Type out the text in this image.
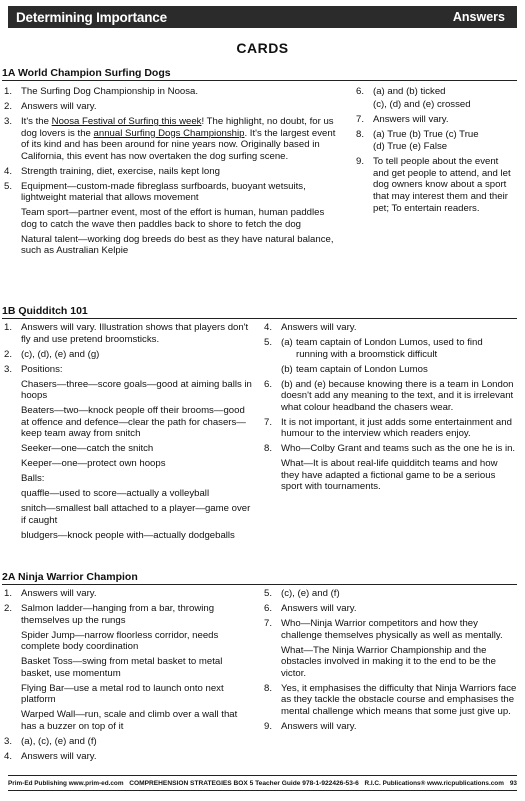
Determining Importance	Answers
CARDS
1A World Champion Surfing Dogs
1. The Surfing Dog Championship in Noosa.
2. Answers will vary.
3. It's the Noosa Festival of Surfing this week! The highlight, no doubt, for us dog lovers is the annual Surfing Dogs Championship. It's the largest event of its kind and has been around for nine years now. Originally based in California, this event has now overtaken the dog surfing scene.
4. Strength training, diet, exercise, nails kept long
5. Equipment—custom-made fibreglass surfboards, buoyant wetsuits, lightweight material that allows movement
Team sport—partner event, most of the effort is human, human paddles dog to catch the wave then paddles back to shore to fetch the dog
Natural talent—working dog breeds do best as they have natural balance, such as Australian Kelpie
6. (a) and (b) ticked
(c), (d) and (e) crossed
7. Answers will vary.
8. (a) True (b) True (c) True
(d) True (e) False
9. To tell people about the event and get people to attend, and let dog owners know about a sport that may interest them and their pet; To entertain readers.
1B Quidditch 101
1. Answers will vary. Illustration shows that players don't fly and use pretend broomsticks.
2. (c), (d), (e) and (g)
3. Positions:
Chasers—three—score goals—good at aiming balls in hoops
Beaters—two—knock people off their brooms—good at offence and defence—clear the path for chasers—keep team away from snitch
Seeker—one—catch the snitch
Keeper—one—protect own hoops
Balls:
quaffle—used to score—actually a volleyball
snitch—smallest ball attached to a player—game over if caught
bludgers—knock people with—actually dodgeballs
4. Answers will vary.
5. (a) team captain of London Lumos, used to find running with a broomstick difficult
(b) team captain of London Lumos
6. (b) and (e) because knowing there is a team in London doesn't add any meaning to the text, and it is irrelevant what colour headband the chasers wear.
7. It is not important, it just adds some entertainment and humour to the interview which readers enjoy.
8. Who—Colby Grant and teams such as the one he is in.
What—It is about real-life quidditch teams and how they have adapted a fictional game to be a serious sport with tournaments.
2A Ninja Warrior Champion
1. Answers will vary.
2. Salmon ladder—hanging from a bar, throwing themselves up the rungs
Spider Jump—narrow floorless corridor, needs complete body coordination
Basket Toss—swing from metal basket to metal basket, use momentum
Flying Bar—use a metal rod to launch onto next platform
Warped Wall—run, scale and climb over a wall that has a buzzer on top of it
3. (a), (c), (e) and (f)
4. Answers will vary.
5. (c), (e) and (f)
6. Answers will vary.
7. Who—Ninja Warrior competitors and how they challenge themselves physically as well as mentally.
What—The Ninja Warrior Championship and the obstacles involved in making it to the end to be the victor.
8. Yes, it emphasises the difficulty that Ninja Warriors face as they tackle the obstacle course and emphasises the mental challenge which means that some just give up.
9. Answers will vary.
Prim-Ed Publishing www.prim-ed.com COMPREHENSION STRATEGIES BOX 5 Teacher Guide 978-1-922426-53-6 R.I.C. Publications® www.ricpublications.com 93
